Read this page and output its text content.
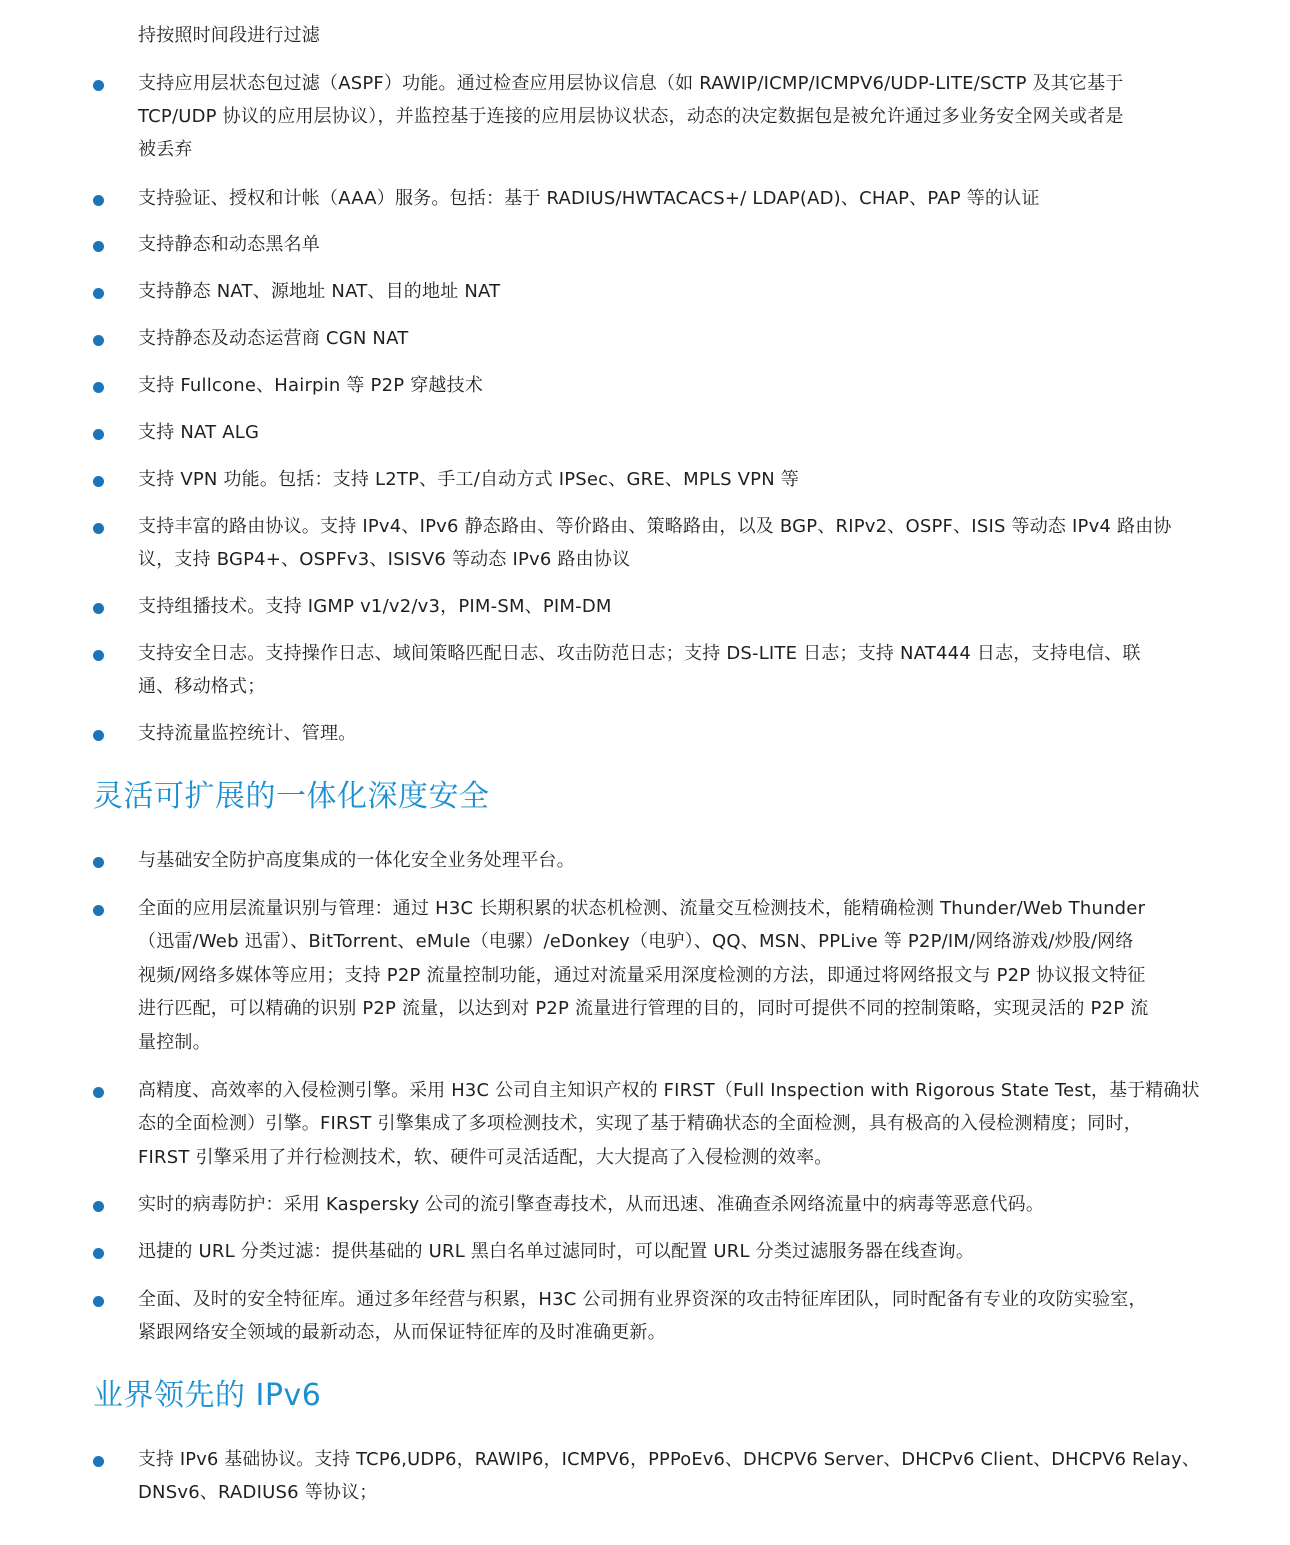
持按照时间段进行过滤
支持应用层状态包过滤（ASPF）功能。通过检查应用层协议信息（如 RAWIP/ICMP/ICMPV6/UDP-LITE/SCTP 及其它基于
TCP/UDP 协议的应用层协议），并监控基于连接的应用层协议状态，动态的决定数据包是被允许通过多业务安全网关或者是
被丢弃
支持验证、授权和计帐（AAA）服务。包括：基于 RADIUS/HWTACACS+/ LDAP(AD)、CHAP、PAP 等的认证
支持静态和动态黑名单
支持静态 NAT、源地址 NAT、目的地址 NAT
支持静态及动态运营商 CGN NAT
支持 Fullcone、Hairpin 等 P2P 穿越技术
支持 NAT ALG
支持 VPN 功能。包括：支持 L2TP、手工/自动方式 IPSec、GRE、MPLS VPN 等
支持丰富的路由协议。支持 IPv4、IPv6 静态路由、等价路由、策略路由，以及 BGP、RIPv2、OSPF、ISIS 等动态 IPv4 路由协
议，支持 BGP4+、OSPFv3、ISISV6 等动态 IPv6 路由协议
支持组播技术。支持 IGMP v1/v2/v3，PIM-SM、PIM-DM
支持安全日志。支持操作日志、域间策略匹配日志、攻击防范日志；支持 DS-LITE 日志；支持 NAT444 日志，支持电信、联
通、移动格式；
支持流量监控统计、管理。
灵活可扩展的一体化深度安全
与基础安全防护高度集成的一体化安全业务处理平台。
全面的应用层流量识别与管理：通过 H3C 长期积累的状态机检测、流量交互检测技术，能精确检测 Thunder/Web Thunder
（迅雷/Web 迅雷）、BitTorrent、eMule（电骡）/eDonkey（电驴）、QQ、MSN、PPLive 等 P2P/IM/网络游戏/炒股/网络
视频/网络多媒体等应用；支持 P2P 流量控制功能，通过对流量采用深度检测的方法，即通过将网络报文与 P2P 协议报文特征
进行匹配，可以精确的识别 P2P 流量，以达到对 P2P 流量进行管理的目的，同时可提供不同的控制策略，实现灵活的 P2P 流
量控制。
高精度、高效率的入侵检测引擎。采用 H3C 公司自主知识产权的 FIRST（Full Inspection with Rigorous State Test，基于精确状
态的全面检测）引擎。FIRST 引擎集成了多项检测技术，实现了基于精确状态的全面检测，具有极高的入侵检测精度；同时，
FIRST 引擎采用了并行检测技术，软、硬件可灵活适配，大大提高了入侵检测的效率。
实时的病毒防护：采用 Kaspersky 公司的流引擎查毒技术，从而迅速、准确查杀网络流量中的病毒等恶意代码。
迅捷的 URL 分类过滤：提供基础的 URL 黑白名单过滤同时，可以配置 URL 分类过滤服务器在线查询。
全面、及时的安全特征库。通过多年经营与积累，H3C 公司拥有业界资深的攻击特征库团队，同时配备有专业的攻防实验室，
紧跟网络安全领域的最新动态，从而保证特征库的及时准确更新。
业界领先的 IPv6
支持 IPv6 基础协议。支持 TCP6,UDP6，RAWIP6，ICMPV6，PPPoEv6、DHCPV6 Server、DHCPv6 Client、DHCPV6 Relay、
DNSv6、RADIUS6 等协议；
